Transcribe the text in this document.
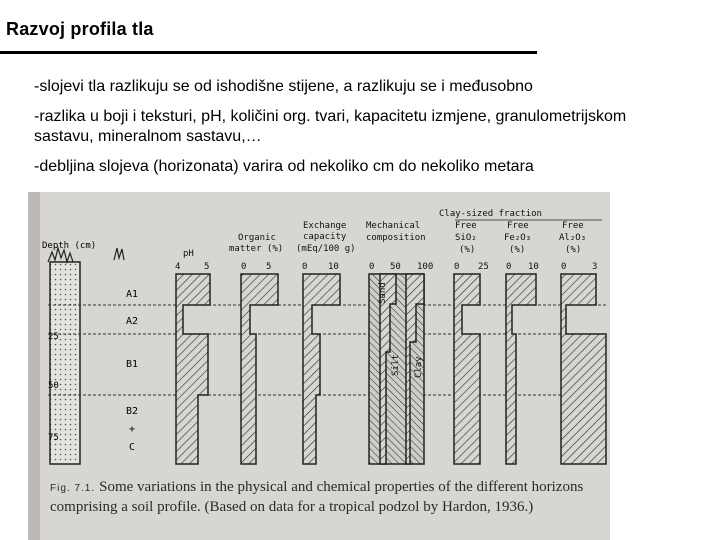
Razvoj profila tla
-slojevi tla razlikuju se od ishodišne stijene, a razlikuju se i međusobno
-razlika u boji i teksturi, pH, količini org. tvari, kapacitetu izmjene, granulometrijskom sastavu, mineralnom sastavu,…
-debljina slojeva (horizonata) varira od nekoliko cm do nekoliko metara
Depth (cm)
25
50
75
A1
A2
B1
B2
+
C
Clay-sized fraction
pH
Organic
matter (%)
Exchange
capacity
(mEq/100 g)
Mechanical
composition
Free
SiO₂
(%)
Free
Fe₂O₃
(%)
Free
Al₂O₃
(%)
4	5	0 5	0 10	0 50 100 0 25 0 10 0	3
Sand
Silt Clay
Fig. 7.1. Some variations in the physical and chemical properties of the different horizons comprising a soil profile. (Based on data for a tropical podzol by Hardon, 1936.)
